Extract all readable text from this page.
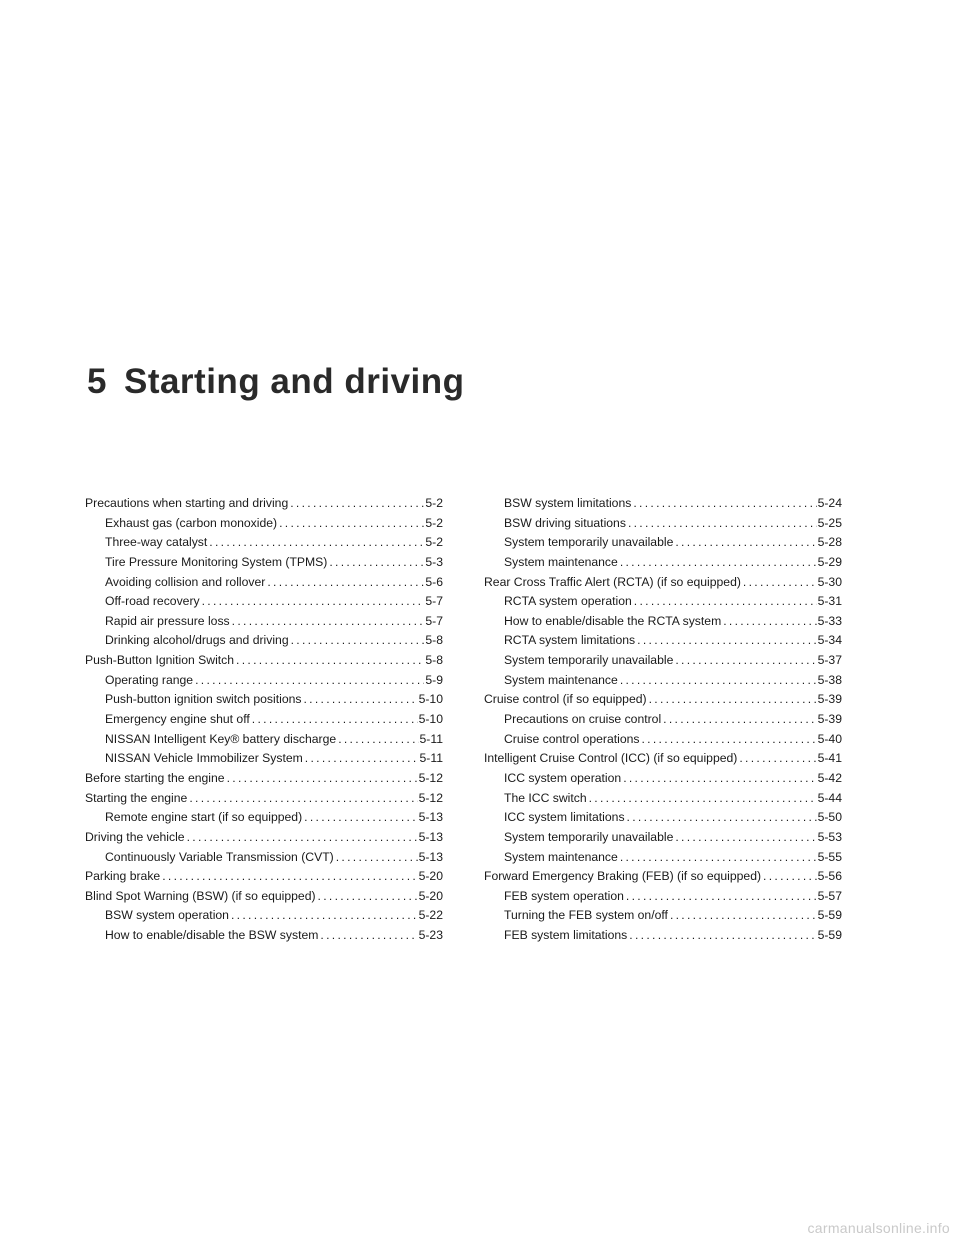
5 Starting and driving
Precautions when starting and driving .....	5-2
Exhaust gas (carbon monoxide) .....	5-2
Three-way catalyst .....	5-2
Tire Pressure Monitoring System (TPMS) .....	5-3
Avoiding collision and rollover .....	5-6
Off-road recovery .....	5-7
Rapid air pressure loss .....	5-7
Drinking alcohol/drugs and driving .....	5-8
Push-Button Ignition Switch .....	5-8
Operating range .....	5-9
Push-button ignition switch positions .....	5-10
Emergency engine shut off .....	5-10
NISSAN Intelligent Key® battery discharge .....	5-11
NISSAN Vehicle Immobilizer System .....	5-11
Before starting the engine .....	5-12
Starting the engine .....	5-12
Remote engine start (if so equipped) .....	5-13
Driving the vehicle .....	5-13
Continuously Variable Transmission (CVT) .....	5-13
Parking brake .....	5-20
Blind Spot Warning (BSW) (if so equipped) .....	5-20
BSW system operation .....	5-22
How to enable/disable the BSW system .....	5-23
BSW system limitations .....	5-24
BSW driving situations .....	5-25
System temporarily unavailable .....	5-28
System maintenance .....	5-29
Rear Cross Traffic Alert (RCTA) (if so equipped) .....	5-30
RCTA system operation .....	5-31
How to enable/disable the RCTA system .....	5-33
RCTA system limitations .....	5-34
System temporarily unavailable .....	5-37
System maintenance .....	5-38
Cruise control (if so equipped) .....	5-39
Precautions on cruise control .....	5-39
Cruise control operations .....	5-40
Intelligent Cruise Control (ICC) (if so equipped) .....	5-41
ICC system operation .....	5-42
The ICC switch .....	5-44
ICC system limitations .....	5-50
System temporarily unavailable .....	5-53
System maintenance .....	5-55
Forward Emergency Braking (FEB) (if so equipped) .....	5-56
FEB system operation .....	5-57
Turning the FEB system on/off .....	5-59
FEB system limitations .....	5-59
carmanualsonline.info
